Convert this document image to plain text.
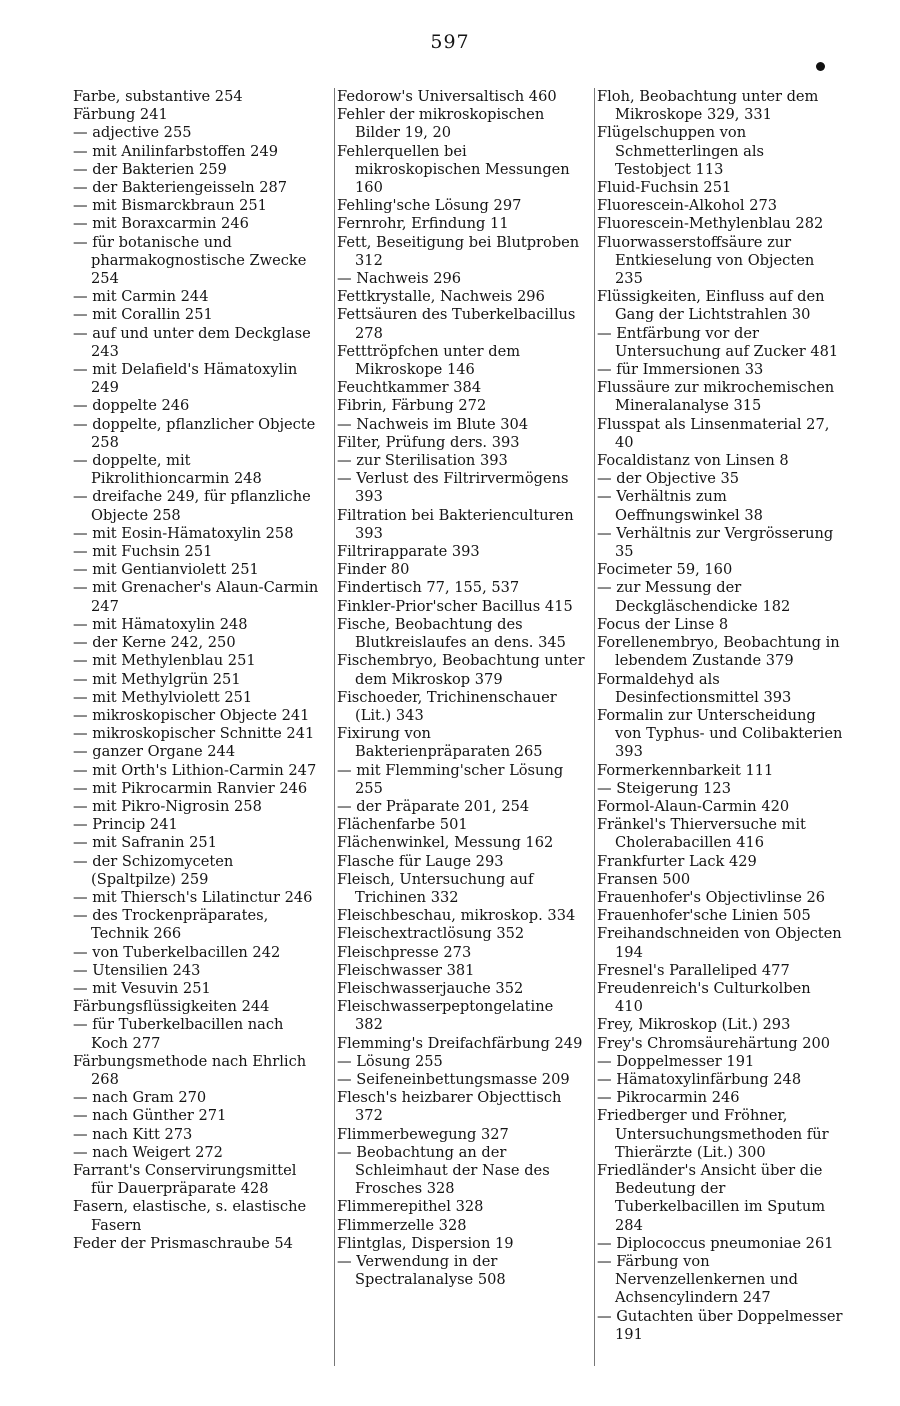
597

Farbe, substantive 254

Färbung 241

— adjective 255

— mit Anilinfarbstoffen 249

— der Bakterien 259

— der Bakteriengeisseln 287

— mit Bismarckbraun 251

— mit Boraxcarmin 246

— für botanische und pharmakognostische Zwecke 254

— mit Carmin 244

— mit Corallin 251

— auf und unter dem Deckglase 243

— mit Delafield's Hämatoxylin 249

— doppelte 246

— doppelte, pflanzlicher Objecte 258

— doppelte, mit Pikrolithioncarmin 248

— dreifache 249, für pflanzliche Objecte 258

— mit Eosin-Hämatoxylin 258

— mit Fuchsin 251

— mit Gentianviolett 251

— mit Grenacher's Alaun-Carmin 247

— mit Hämatoxylin 248

— der Kerne 242, 250

— mit Methylenblau 251

— mit Methylgrün 251

— mit Methylviolett 251

— mikroskopischer Objecte 241

— mikroskopischer Schnitte 241

— ganzer Organe 244

— mit Orth's Lithion-Carmin 247

— mit Pikrocarmin Ranvier 246

— mit Pikro-Nigrosin 258

— Princip 241

— mit Safranin 251

— der Schizomyceten (Spaltpilze) 259

— mit Thiersch's Lilatinctur 246

— des Trockenpräparates, Technik 266

— von Tuberkelbacillen 242

— Utensilien 243

— mit Vesuvin 251

Färbungsflüssigkeiten 244

— für Tuberkelbacillen nach Koch 277

Färbungsmethode nach Ehrlich 268

— nach Gram 270

— nach Günther 271

— nach Kitt 273

— nach Weigert 272

Farrant's Conservirungsmittel für Dauerpräparate 428

Fasern, elastische, s. elastische Fasern

Feder der Prismaschraube 54

Fedorow's Universaltisch 460

Fehler der mikroskopischen Bilder 19, 20

Fehlerquellen bei mikroskopischen Messungen 160

Fehling'sche Lösung 297

Fernrohr, Erfindung 11

Fett, Beseitigung bei Blutproben 312

— Nachweis 296

Fettkrystalle, Nachweis 296

Fettsäuren des Tuberkelbacillus 278

Fetttröpfchen unter dem Mikroskope 146

Feuchtkammer 384

Fibrin, Färbung 272

— Nachweis im Blute 304

Filter, Prüfung ders. 393

— zur Sterilisation 393

— Verlust des Filtrirvermögens 393

Filtration bei Bakterienculturen 393

Filtrirapparate 393

Finder 80

Findertisch 77, 155, 537

Finkler-Prior'scher Bacillus 415

Fische, Beobachtung des Blutkreislaufes an dens. 345

Fischembryo, Beobachtung unter dem Mikroskop 379

Fischoeder, Trichinenschauer (Lit.) 343

Fixirung von Bakterienpräparaten 265

— mit Flemming'scher Lösung 255

— der Präparate 201, 254

Flächenfarbe 501

Flächenwinkel, Messung 162

Flasche für Lauge 293

Fleisch, Untersuchung auf Trichinen 332

Fleischbeschau, mikroskop. 334

Fleischextractlösung 352

Fleischpresse 273

Fleischwasser 381

Fleischwasserjauche 352

Fleischwasserpeptongelatine 382

Flemming's Dreifachfärbung 249

— Lösung 255

— Seifeneinbettungsmasse 209

Flesch's heizbarer Objecttisch 372

Flimmerbewegung 327

— Beobachtung an der Schleimhaut der Nase des Frosches 328

Flimmerepithel 328

Flimmerzelle 328

Flintglas, Dispersion 19

— Verwendung in der Spectralanalyse 508

Floh, Beobachtung unter dem Mikroskope 329, 331

Flügelschuppen von Schmetterlingen als Testobject 113

Fluid-Fuchsin 251

Fluorescein-Alkohol 273

Fluorescein-Methylenblau 282

Fluorwasserstoffsäure zur Entkieselung von Objecten 235

Flüssigkeiten, Einfluss auf den Gang der Lichtstrahlen 30

— Entfärbung vor der Untersuchung auf Zucker 481

— für Immersionen 33

Flussäure zur mikrochemischen Mineralanalyse 315

Flusspat als Linsenmaterial 27, 40

Focaldistanz von Linsen 8

— der Objective 35

— Verhältnis zum Oeffnungswinkel 38

— Verhältnis zur Vergrösserung 35

Focimeter 59, 160

— zur Messung der Deckgläschendicke 182

Focus der Linse 8

Forellenembryo, Beobachtung in lebendem Zustande 379

Formaldehyd als Desinfectionsmittel 393

Formalin zur Unterscheidung von Typhus- und Colibakterien 393

Formerkennbarkeit 111

— Steigerung 123

Formol-Alaun-Carmin 420

Fränkel's Thierversuche mit Cholerabacillen 416

Frankfurter Lack 429

Fransen 500

Frauenhofer's Objectivlinse 26

Frauenhofer'sche Linien 505

Freihandschneiden von Objecten 194

Fresnel's Paralleliped 477

Freudenreich's Culturkolben 410

Frey, Mikroskop (Lit.) 293

Frey's Chromsäurehärtung 200

— Doppelmesser 191

— Hämatoxylinfärbung 248

— Pikrocarmin 246

Friedberger und Fröhner, Untersuchungsmethoden für Thierärzte (Lit.) 300

Friedländer's Ansicht über die Bedeutung der Tuberkelbacillen im Sputum 284

— Diplococcus pneumoniae 261

— Färbung von Nervenzellenkernen und Achsencylindern 247

— Gutachten über Doppelmesser 191
